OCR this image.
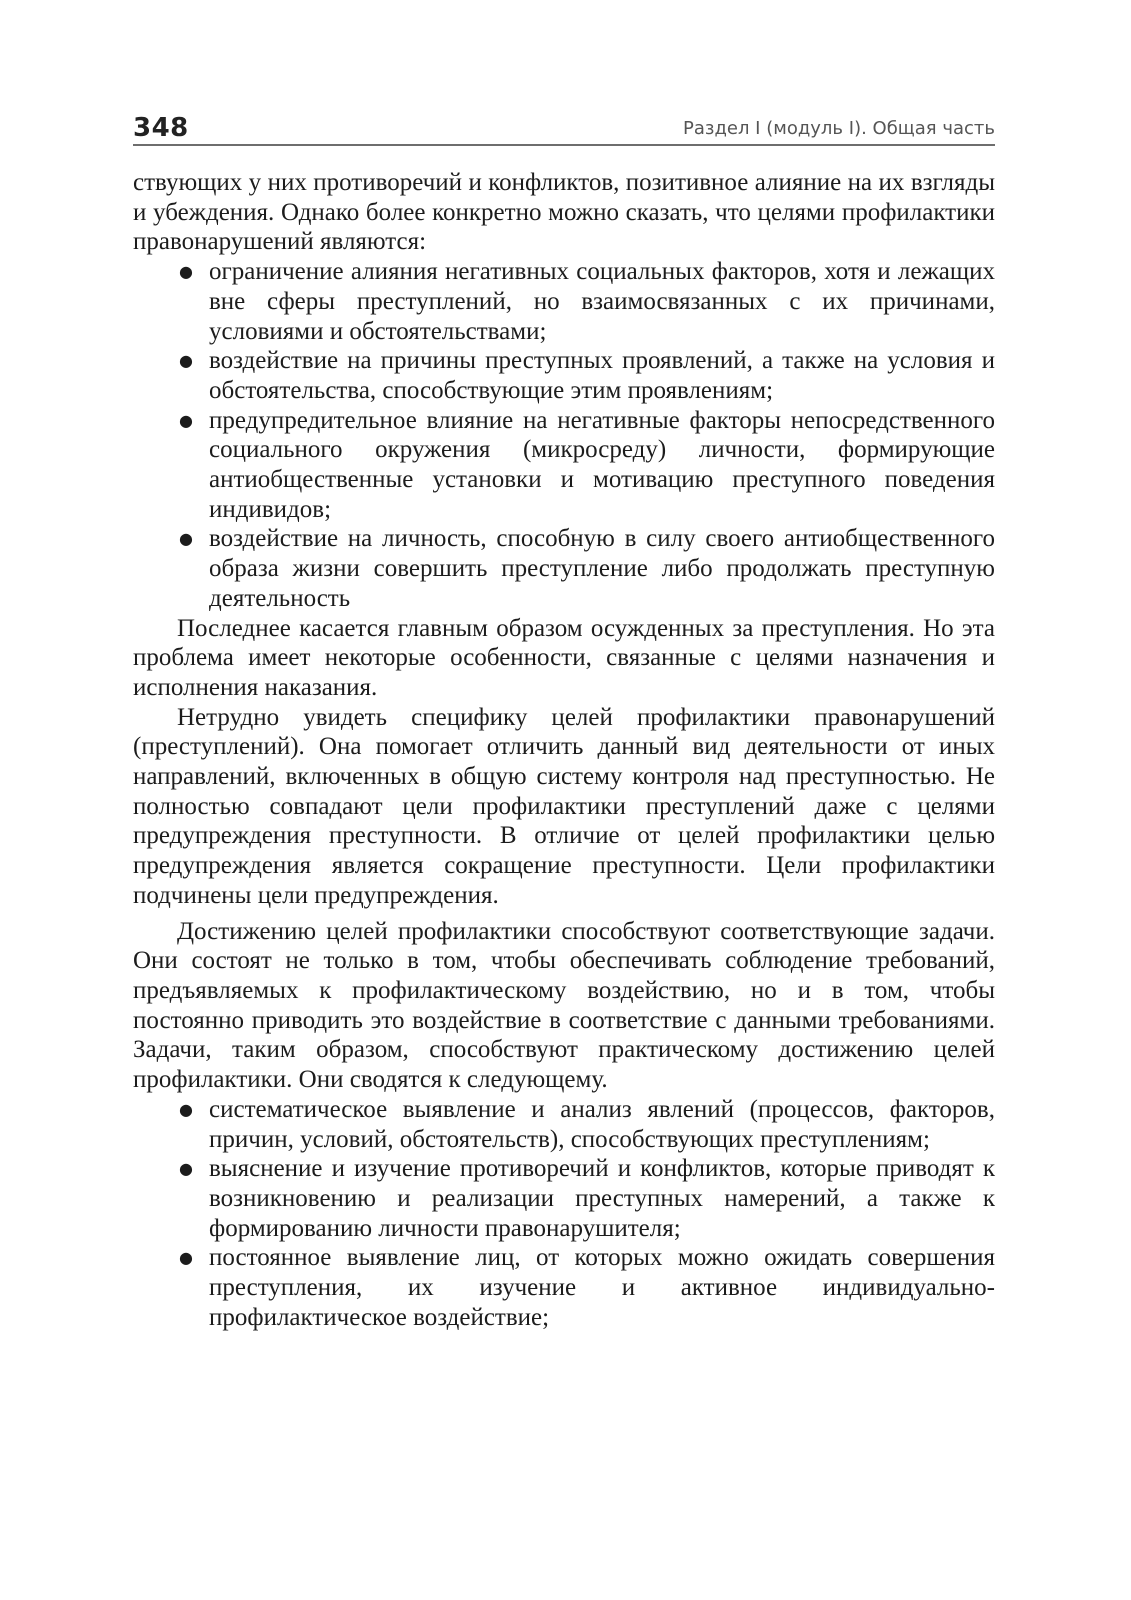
348	Раздел I (модуль I). Общая часть

ствующих у них противоречий и конфликтов, позитивное алияние на их взгляды и убеждения. Однако более конкретно можно сказать, что целями профилактики правонарушений являются:

● ограничение алияния негативных социальных факторов, хотя и лежащих вне сферы преступлений, но взаимосвязанных с их причинами, условиями и обстоятельствами;
● воздействие на причины преступных проявлений, а также на условия и обстоятельства, способствующие этим проявлениям;
● предупредительное влияние на негативные факторы непосредственного социального окружения (микросреду) личности, формирующие антиобщественные установки и мотивацию преступного поведения индивидов;
● воздействие на личность, способную в силу своего антиобщественного образа жизни совершить преступление либо продолжать преступную деятельность

Последнее касается главным образом осужденных за преступления. Но эта проблема имеет некоторые особенности, связанные с целями назначения и исполнения наказания.

Нетрудно увидеть специфику целей профилактики правонарушений (преступлений). Она помогает отличить данный вид деятельности от иных направлений, включенных в общую систему контроля над преступностью. Не полностью совпадают цели профилактики преступлений даже с целями предупреждения преступности. В отличие от целей профилактики целью предупреждения является сокращение преступности. Цели профилактики подчинены цели предупреждения.

Достижению целей профилактики способствуют соответствующие задачи. Они состоят не только в том, чтобы обеспечивать соблюдение требований, предъявляемых к профилактическому воздействию, но и в том, чтобы постоянно приводить это воздействие в соответствие с данными требованиями. Задачи, таким образом, способствуют практическому достижению целей профилактики. Они сводятся к следующему.

● систематическое выявление и анализ явлений (процессов, факторов, причин, условий, обстоятельств), способствующих преступлениям;
● выяснение и изучение противоречий и конфликтов, которые приводят к возникновению и реализации преступных намерений, а также к формированию личности правонарушителя;
● постоянное выявление лиц, от которых можно ожидать совершения преступления, их изучение и активное индивидуально-профилактическое воздействие;
